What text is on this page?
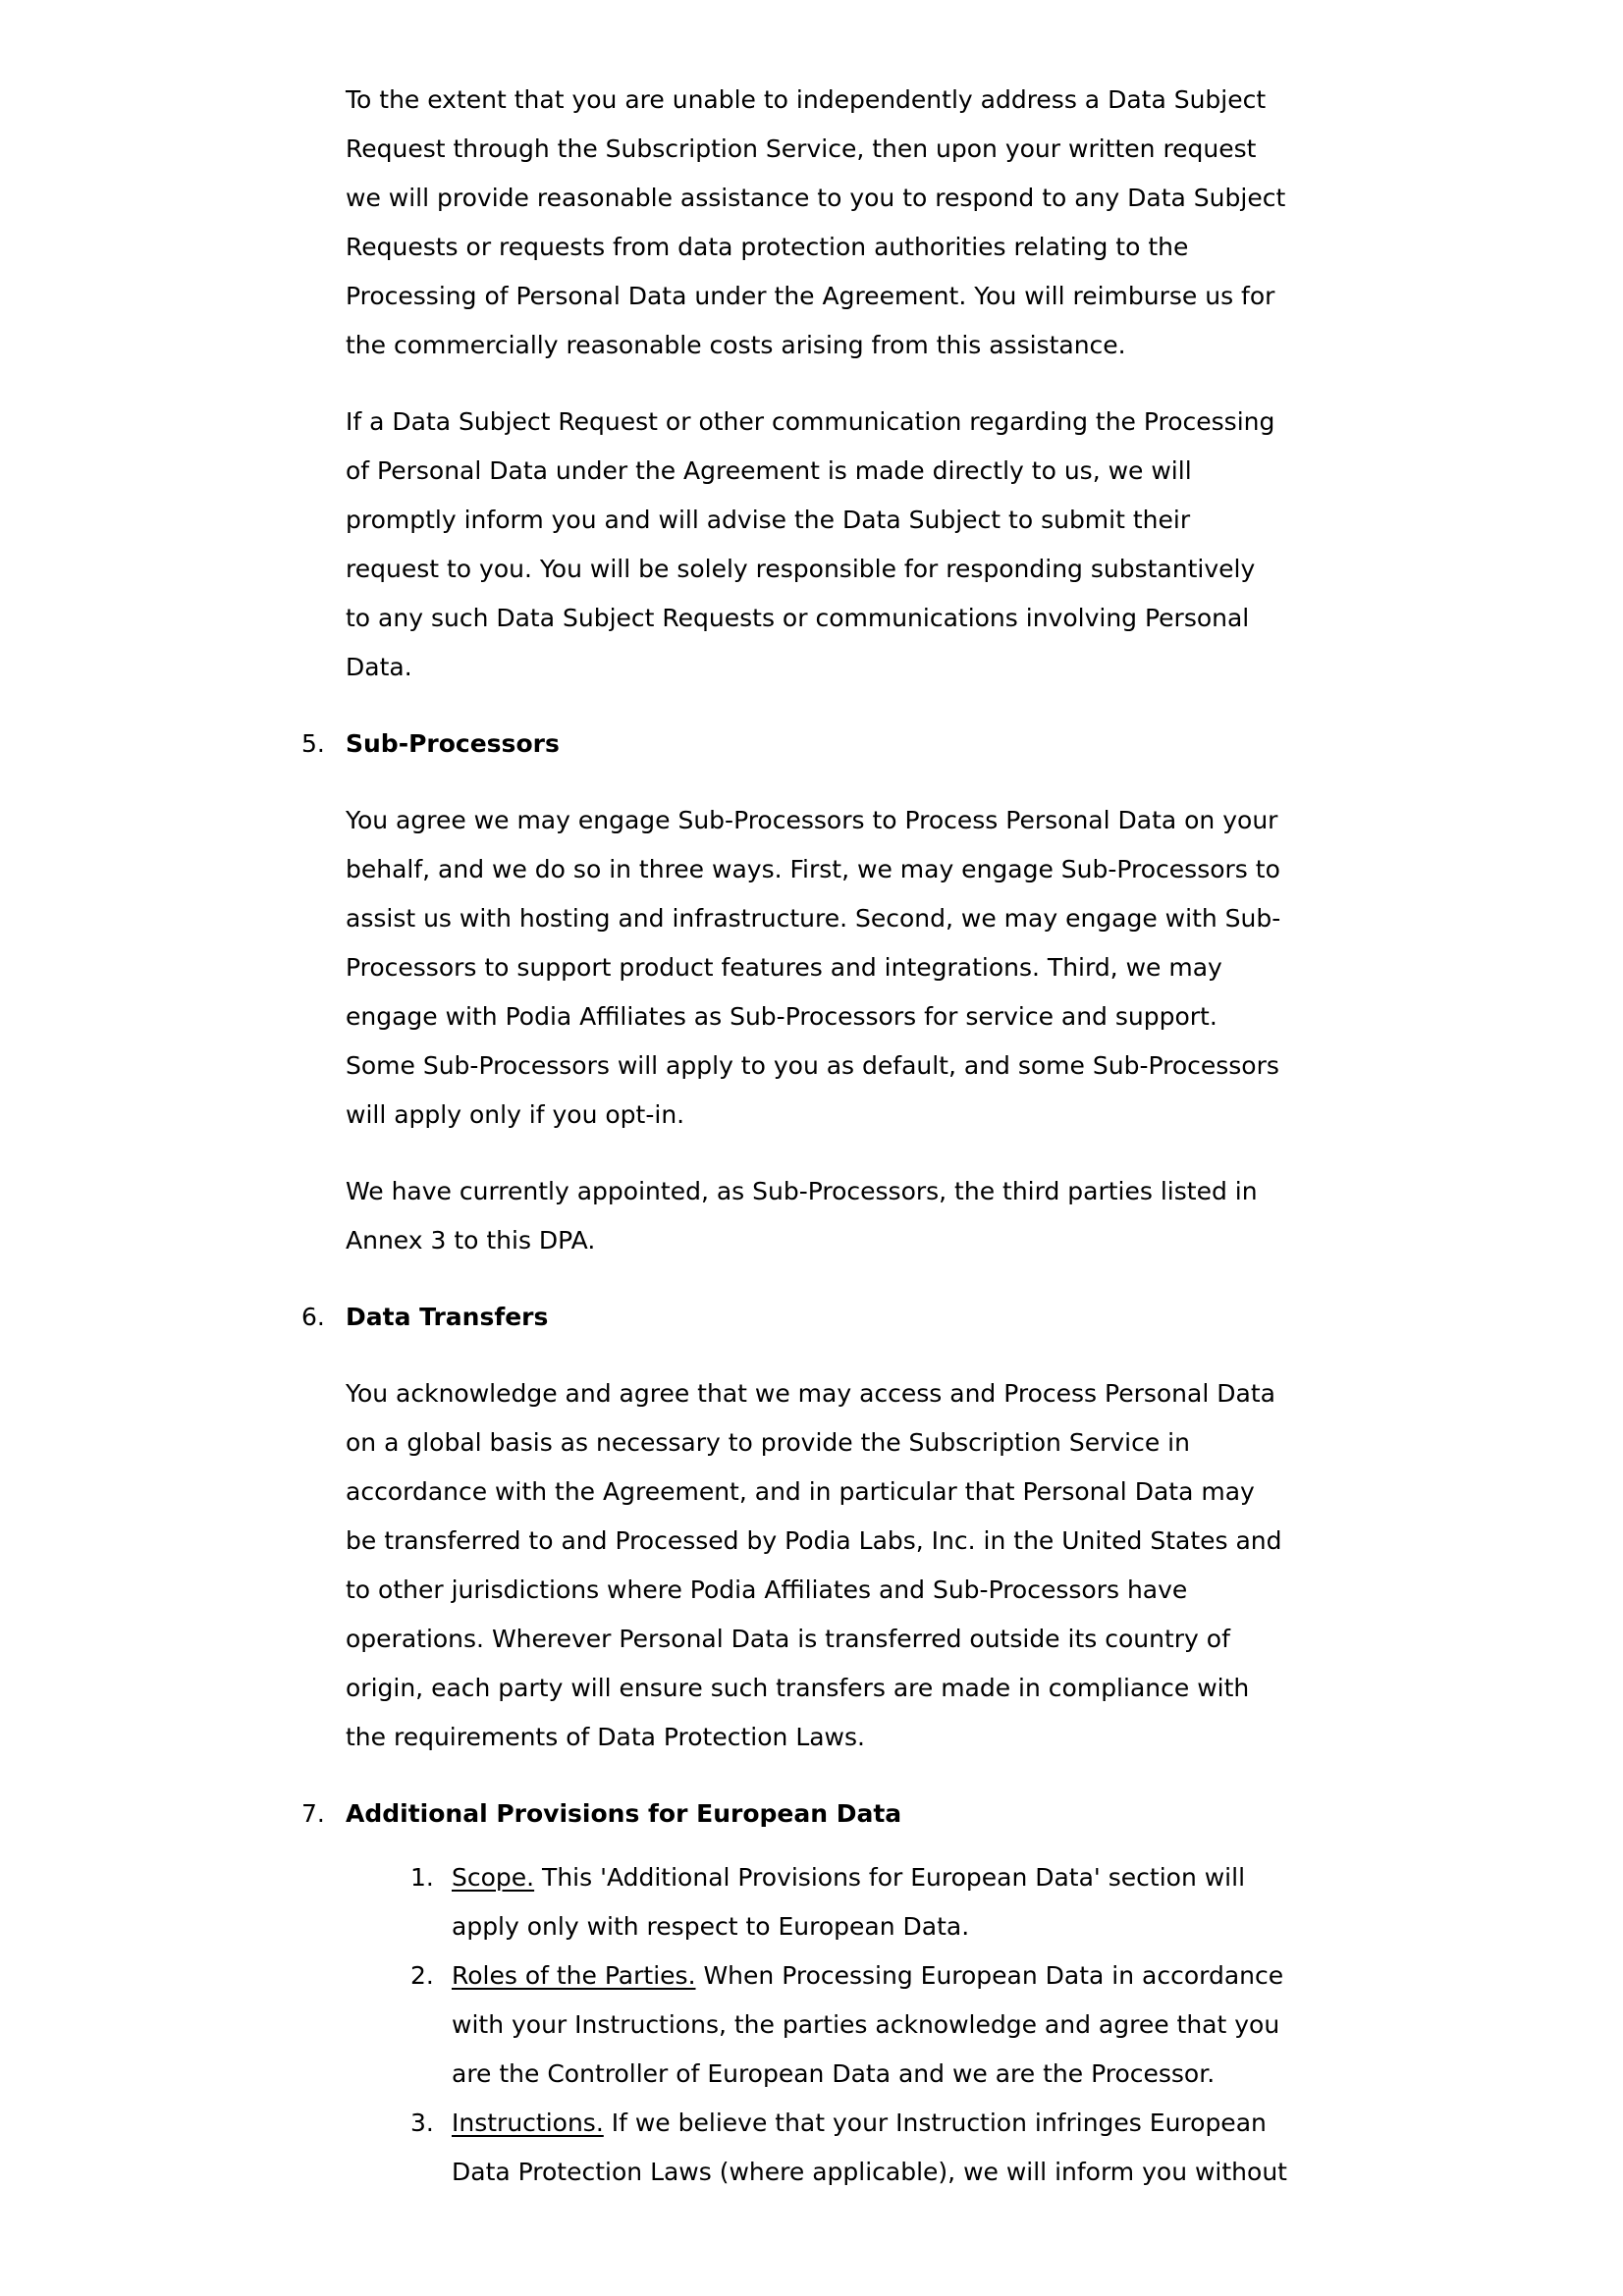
To the extent that you are unable to independently address a Data Subject
Request through the Subscription Service, then upon your written request
we will provide reasonable assistance to you to respond to any Data Subject
Requests or requests from data protection authorities relating to the
Processing of Personal Data under the Agreement. You will reimburse us for
the commercially reasonable costs arising from this assistance.

If a Data Subject Request or other communication regarding the Processing
of Personal Data under the Agreement is made directly to us, we will
promptly inform you and will advise the Data Subject to submit their
request to you. You will be solely responsible for responding substantively
to any such Data Subject Requests or communications involving Personal
Data.

5. Sub-Processors

You agree we may engage Sub-Processors to Process Personal Data on your
behalf, and we do so in three ways. First, we may engage Sub-Processors to
assist us with hosting and infrastructure. Second, we may engage with Sub-
Processors to support product features and integrations. Third, we may
engage with Podia Affiliates as Sub-Processors for service and support.
Some Sub-Processors will apply to you as default, and some Sub-Processors
will apply only if you opt-in.

We have currently appointed, as Sub-Processors, the third parties listed in
Annex 3 to this DPA.

6. Data Transfers

You acknowledge and agree that we may access and Process Personal Data
on a global basis as necessary to provide the Subscription Service in
accordance with the Agreement, and in particular that Personal Data may
be transferred to and Processed by Podia Labs, Inc. in the United States and
to other jurisdictions where Podia Affiliates and Sub-Processors have
operations. Wherever Personal Data is transferred outside its country of
origin, each party will ensure such transfers are made in compliance with
the requirements of Data Protection Laws.

7. Additional Provisions for European Data
1. Scope. This 'Additional Provisions for European Data' section will
apply only with respect to European Data.
2. Roles of the Parties. When Processing European Data in accordance
with your Instructions, the parties acknowledge and agree that you
are the Controller of European Data and we are the Processor.
3. Instructions. If we believe that your Instruction infringes European
Data Protection Laws (where applicable), we will inform you without
